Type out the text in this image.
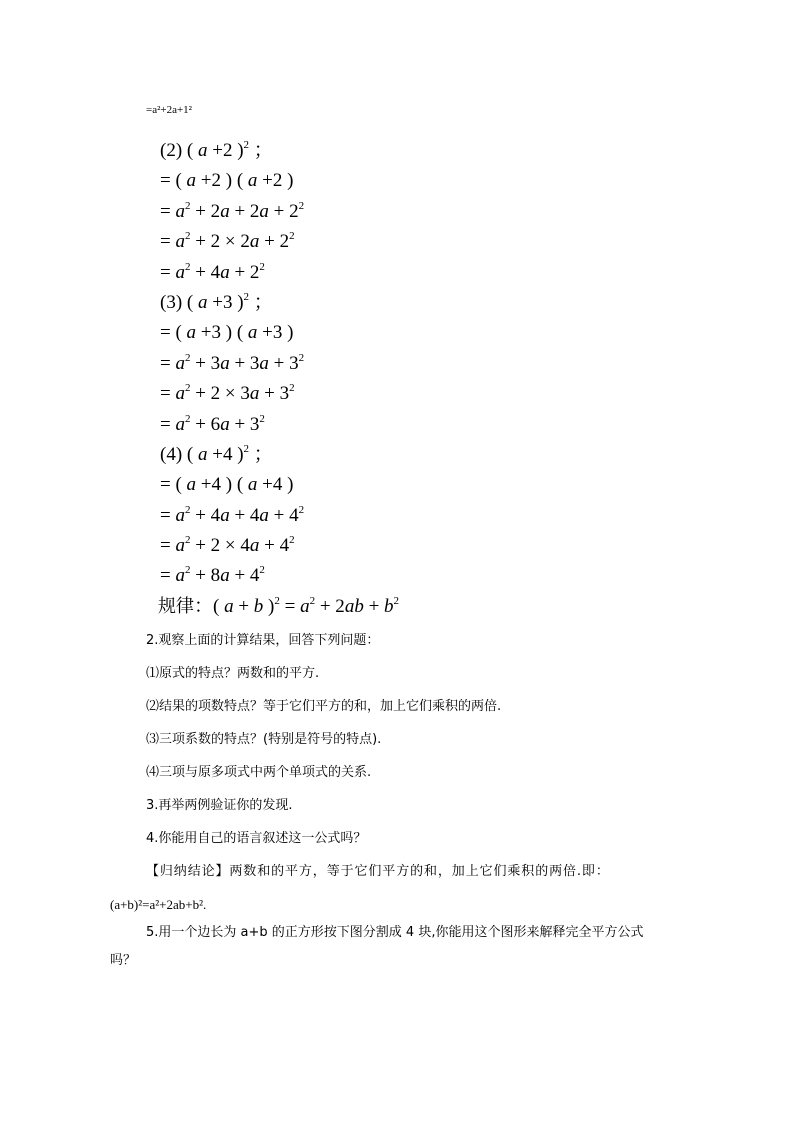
=a²+2a+1²
(2) ( a +2 )$^2$ ；
= ( a +2 ) ( a +2 )
= $a^2 + 2a + 2a + 2^2$
= $a^2 + 2 \times 2a + 2^2$
= $a^2 + 4a + 2^2$
(3) ( a +3 )$^2$ ；
= ( a +3 ) ( a +3 )
= $a^2 + 3a + 3a + 3^2$
= $a^2 + 2 \times 3a + 3^2$
= $a^2 + 6a + 3^2$
(4) ( a +4 )$^2$ ；
= ( a +4 ) ( a +4 )
= $a^2 + 4a + 4a + 4^2$
= $a^2 + 2 \times 4a + 4^2$
= $a^2 + 8a + 4^2$
规律：( a + b )$^2 = a^2 + 2ab + b^2$
2.观察上面的计算结果，回答下列问题：
⑴原式的特点？两数和的平方.
⑵结果的项数特点？等于它们平方的和，加上它们乘积的两倍.
⑶三项系数的特点？(特别是符号的特点).
⑷三项与原多项式中两个单项式的关系.
3.再举两例验证你的发现.
4.你能用自己的语言叙述这一公式吗？
【归纳结论】两数和的平方，等于它们平方的和，加上它们乘积的两倍.即：
(a+b)²=a²+2ab+b².
5.用一个边长为 a+b 的正方形按下图分割成 4 块,你能用这个图形来解释完全平方公式
吗？
